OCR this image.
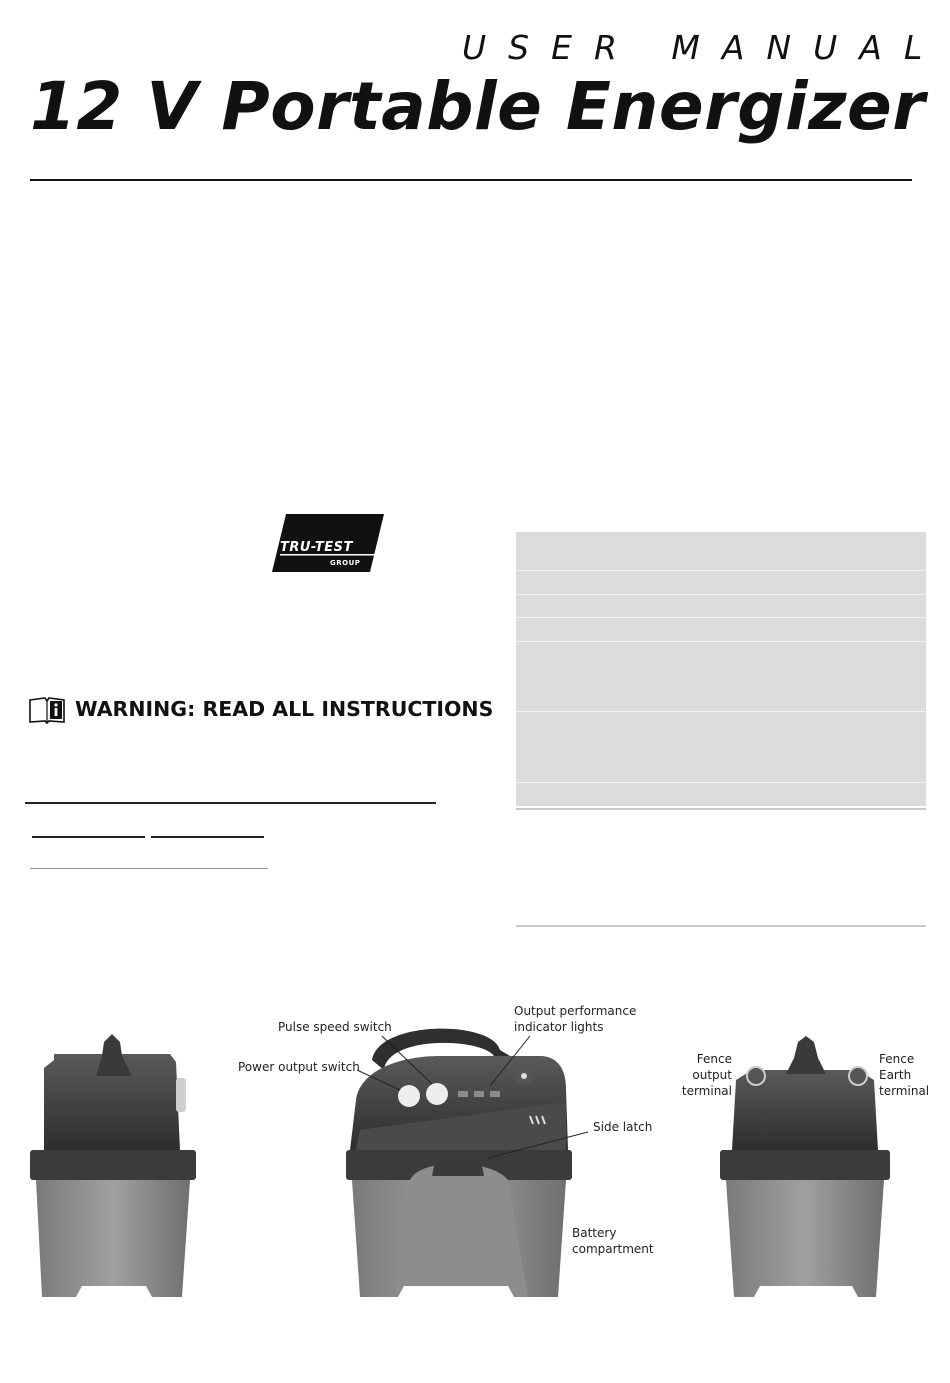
USER MANUAL
12 V Portable Energizer
TRU-TEST
GROUP
WARNING: READ ALL INSTRUCTIONS
Pulse speed switch
Power output switch
Output performance
indicator lights
Side latch
Battery
compartment
Fence
output
terminal
Fence
Earth
terminal
